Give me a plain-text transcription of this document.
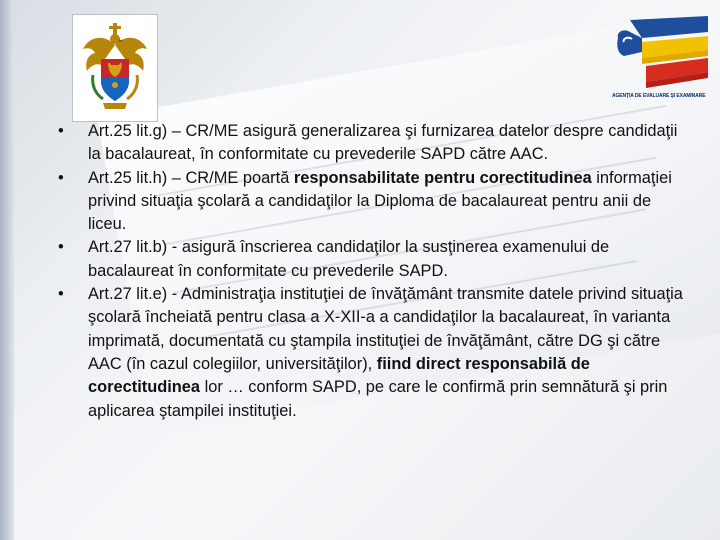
AGENŢIA DE EVALUARE ŞI EXAMINARE
• Art.25 lit.g) – CR/ME asigură generalizarea şi furnizarea datelor despre candidaţii la bacalaureat, în conformitate cu prevederile SAPD către AAC.
• Art.25 lit.h) – CR/ME poartă responsabilitate pentru corectitudinea informaţiei privind situaţia şcolară a candidaţilor la Diploma de bacalaureat pentru anii de liceu.
• Art.27 lit.b) - asigură înscrierea candidaţilor la susţinerea examenului de bacalaureat în conformitate cu prevederile SAPD.
• Art.27 lit.e) - Administraţia instituţiei de învăţământ transmite datele privind situaţia şcolară încheiată pentru clasa a X-XII-a a candidaţilor la bacalaureat, în varianta imprimată, documentată cu ştampila instituţiei de învăţământ, către DG şi către AAC (în cazul colegiilor, universităţilor), fiind direct responsabilă de corectitudinea lor … conform SAPD, pe care le confirmă prin semnătură şi prin aplicarea ştampilei instituţiei.
